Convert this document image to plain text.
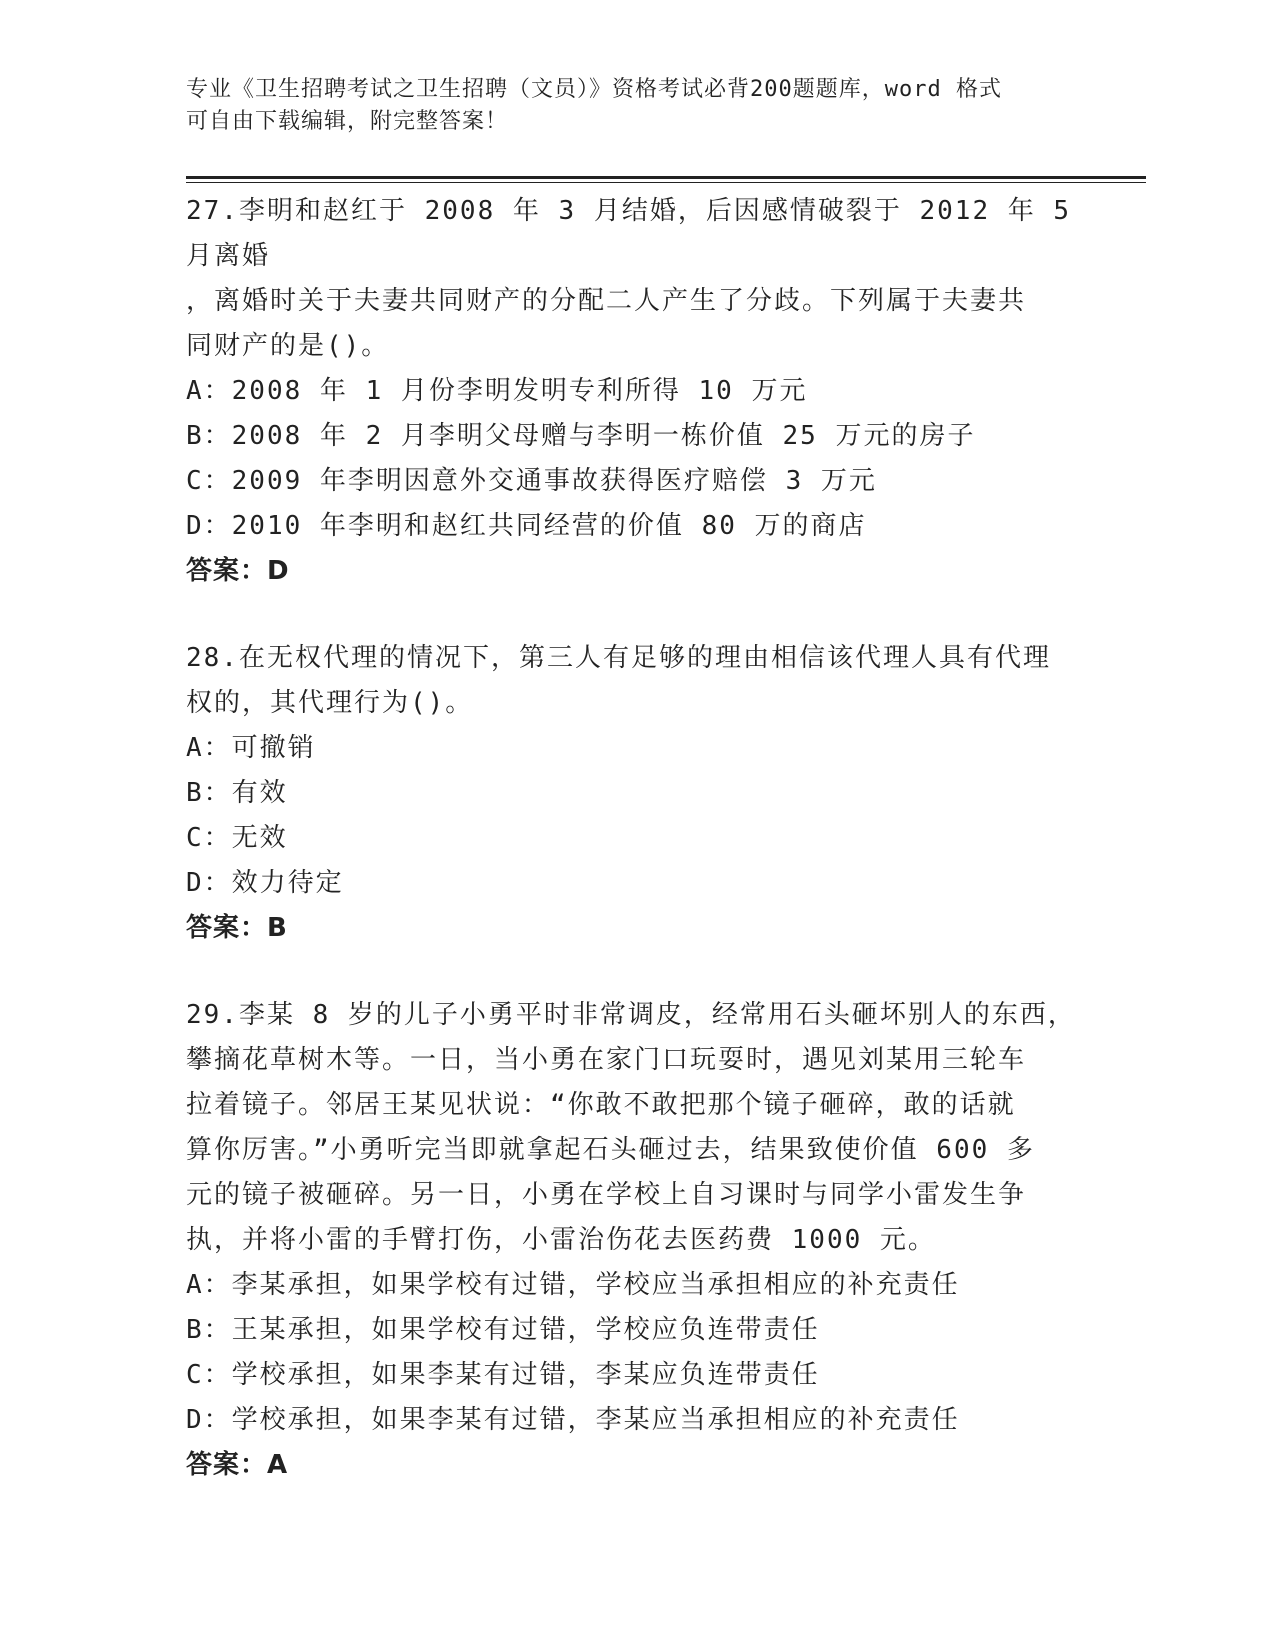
专业《卫生招聘考试之卫生招聘（文员）》资格考试必背200题题库，word 格式
可自由下载编辑，附完整答案！
27.李明和赵红于 2008 年 3 月结婚，后因感情破裂于 2012 年 5 月离婚
，离婚时关于夫妻共同财产的分配二人产生了分歧。下列属于夫妻共
同财产的是()。
A：2008 年 1 月份李明发明专利所得 10 万元
B：2008 年 2 月李明父母赠与李明一栋价值 25 万元的房子
C：2009 年李明因意外交通事故获得医疗赔偿 3 万元
D：2010 年李明和赵红共同经营的价值 80 万的商店
答案：D
28.在无权代理的情况下，第三人有足够的理由相信该代理人具有代理
权的，其代理行为()。
A：可撤销
B：有效
C：无效
D：效力待定
答案：B
29.李某 8 岁的儿子小勇平时非常调皮，经常用石头砸坏别人的东西，
攀摘花草树木等。一日，当小勇在家门口玩耍时，遇见刘某用三轮车
拉着镜子。邻居王某见状说：“你敢不敢把那个镜子砸碎，敢的话就
算你厉害。”小勇听完当即就拿起石头砸过去，结果致使价值 600 多
元的镜子被砸碎。另一日，小勇在学校上自习课时与同学小雷发生争
执，并将小雷的手臂打伤，小雷治伤花去医药费 1000 元。
A：李某承担，如果学校有过错，学校应当承担相应的补充责任
B：王某承担，如果学校有过错，学校应负连带责任
C：学校承担，如果李某有过错，李某应负连带责任
D：学校承担，如果李某有过错，李某应当承担相应的补充责任
答案：A
